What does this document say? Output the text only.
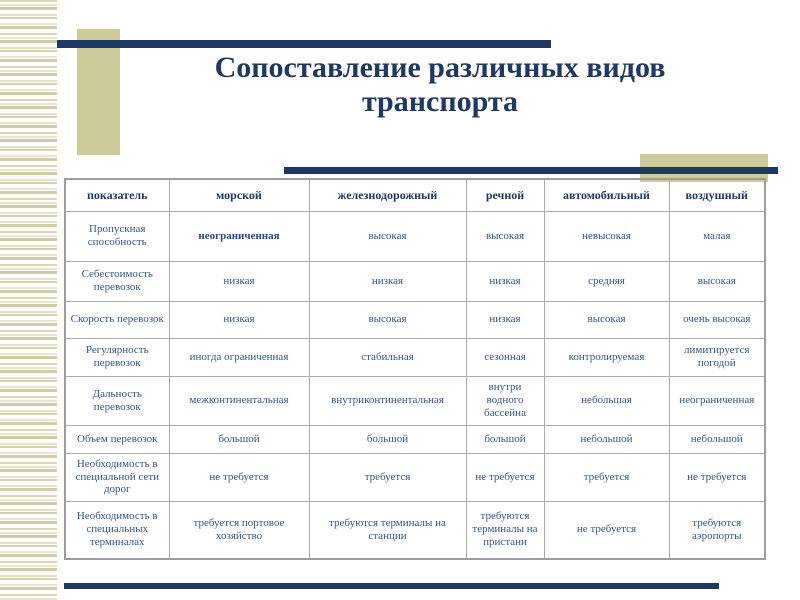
Сопоставление различных видов транспорта
показатель	морской	железнодорожный	речной	автомобильный	воздушный
Пропускная способность	неограниченная	высокая	высокая	невысокая	малая
Себестоимость перевозок	низкая	низкая	низкая	средняя	высокая
Скорость перевозок	низкая	высокая	низкая	высокая	очень высокая
Регулярность перевозок	иногда ограниченная	стабильная	сезонная	контролируемая	лимитируется погодой
Дальность перевозок	межконтинентальная	внутриконтинентальная	внутри водного бассейна	небольшая	неограниченная
Объем перевозок	большой	большой	большой	небольшой	небольшой
Необходимость в специальной сети дорог	не требуется	требуется	не требуется	требуется	не требуется
Необходимость в специальных терминалах	требуется портовое хозяйство	требуются терминалы на станции	требуются терминалы на пристани	не требуется	требуются аэропорты
